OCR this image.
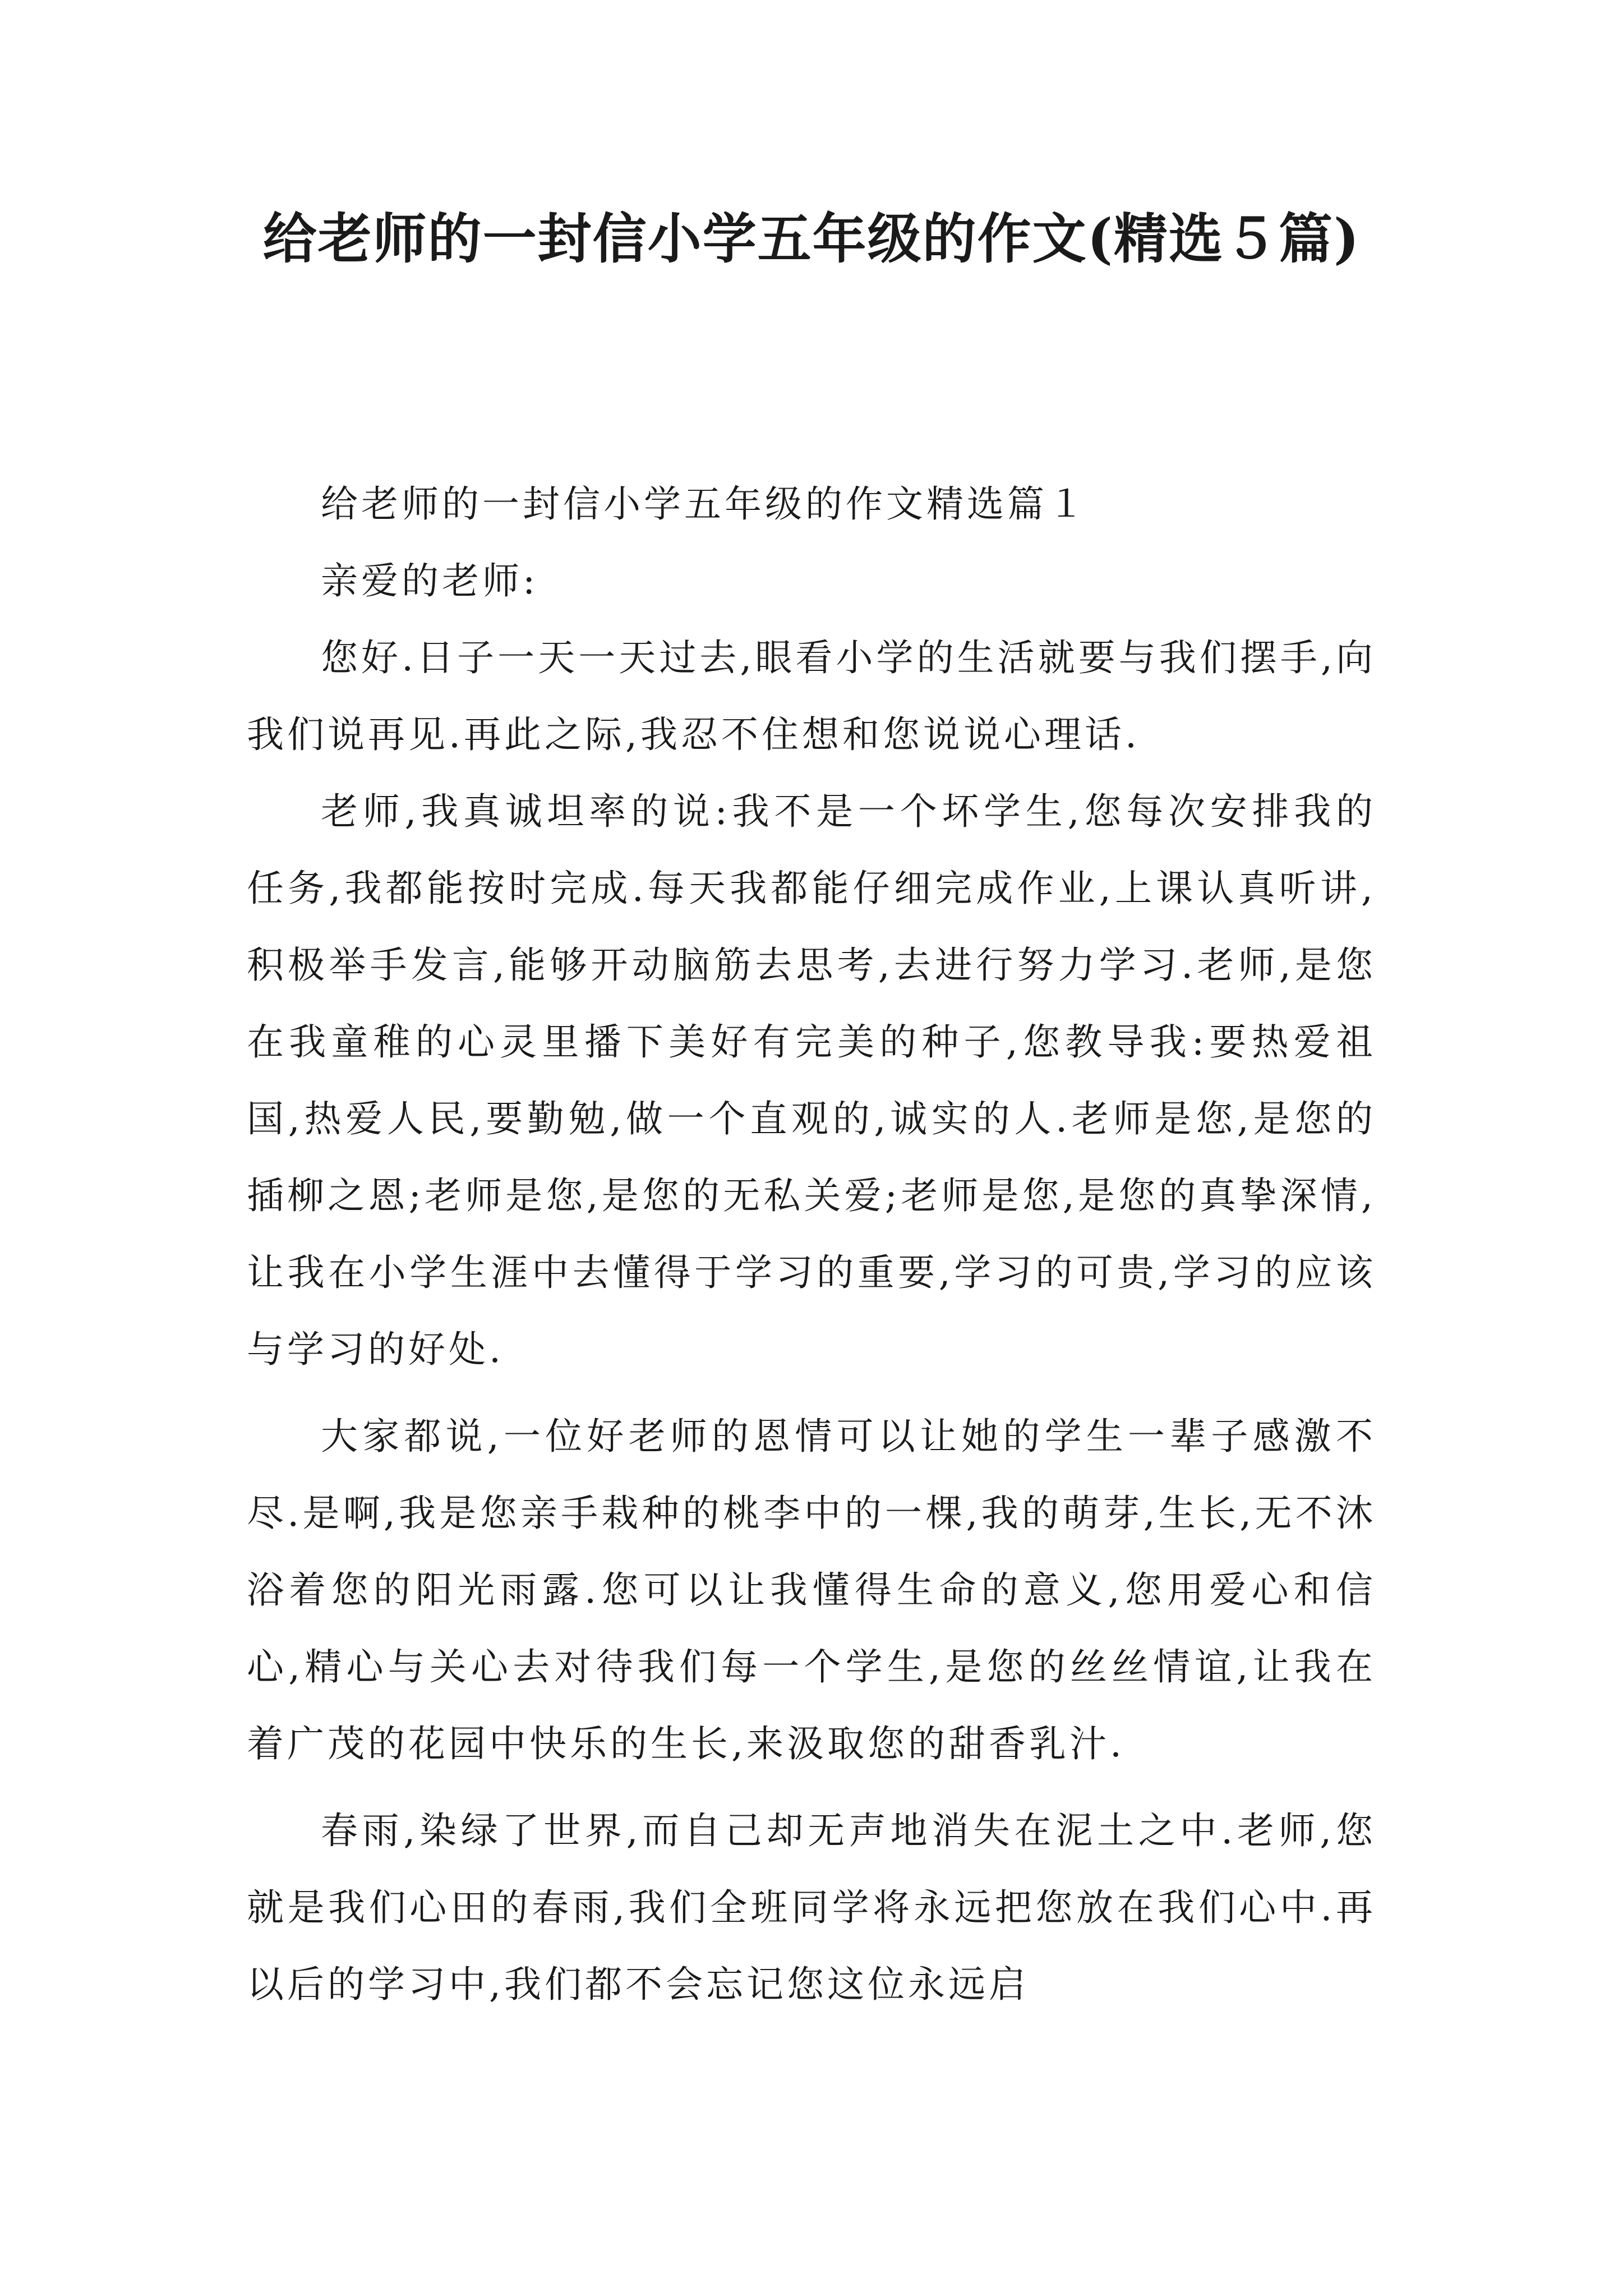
给老师的一封信小学五年级的作文(精选５篇)

给老师的一封信小学五年级的作文精选篇１

亲爱的老师:

您好.日子一天一天过去,眼看小学的生活就要与我们摆手,向我们说再见.再此之际,我忍不住想和您说说心理话.

老师,我真诚坦率的说:我不是一个坏学生,您每次安排我的任务,我都能按时完成.每天我都能仔细完成作业,上课认真听讲,积极举手发言,能够开动脑筋去思考,去进行努力学习.老师,是您在我童稚的心灵里播下美好有完美的种子,您教导我:要热爱祖国,热爱人民,要勤勉,做一个直观的,诚实的人.老师是您,是您的插柳之恩;老师是您,是您的无私关爱;老师是您,是您的真挚深情,让我在小学生涯中去懂得于学习的重要,学习的可贵,学习的应该与学习的好处.

大家都说,一位好老师的恩情可以让她的学生一辈子感激不尽.是啊,我是您亲手栽种的桃李中的一棵,我的萌芽,生长,无不沐浴着您的阳光雨露.您可以让我懂得生命的意义,您用爱心和信心,精心与关心去对待我们每一个学生,是您的丝丝情谊,让我在着广茂的花园中快乐的生长,来汲取您的甜香乳汁.

春雨,染绿了世界,而自己却无声地消失在泥土之中.老师,您就是我们心田的春雨,我们全班同学将永远把您放在我们心中.再以后的学习中,我们都不会忘记您这位永远启
